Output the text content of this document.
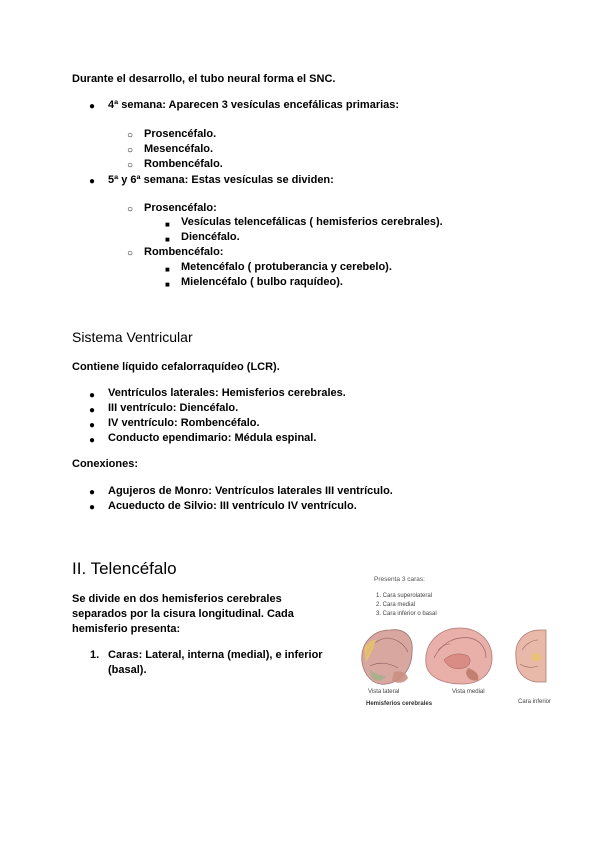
Durante el desarrollo, el tubo neural forma el SNC.
● 4ª semana: Aparecen 3 vesículas encefálicas primarias:
○ Prosencéfalo.
○ Mesencéfalo.
○ Rombencéfalo.
● 5ª y 6ª semana: Estas vesículas se dividen:
○ Prosencéfalo:
■ Vesículas telencefálicas ( hemisferios cerebrales).
■ Diencéfalo.
○ Rombencéfalo:
■ Metencéfalo ( protuberancia y cerebelo).
■ Mielencéfalo ( bulbo raquídeo).
Sistema Ventricular
Contiene líquido cefalorraquídeo (LCR).
● Ventrículos laterales: Hemisferios cerebrales.
● III ventrículo: Diencéfalo.
● IV ventrículo: Rombencéfalo.
● Conducto ependimario: Médula espinal.
Conexiones:
● Agujeros de Monro: Ventrículos laterales III ventrículo.
● Acueducto de Silvio: III ventrículo IV ventrículo.
II. Telencéfalo
Se divide en dos hemisferios cerebrales
separados por la cisura longitudinal. Cada
hemisferio presenta:
1. Caras: Lateral, interna (medial), e inferior
(basal).
Presenta 3 caras:
1. Cara superolateral
2. Cara medial
3. Cara inferior o basal
Vista lateral	Vista medial
Cara inferior
Hemisferios cerebrales
